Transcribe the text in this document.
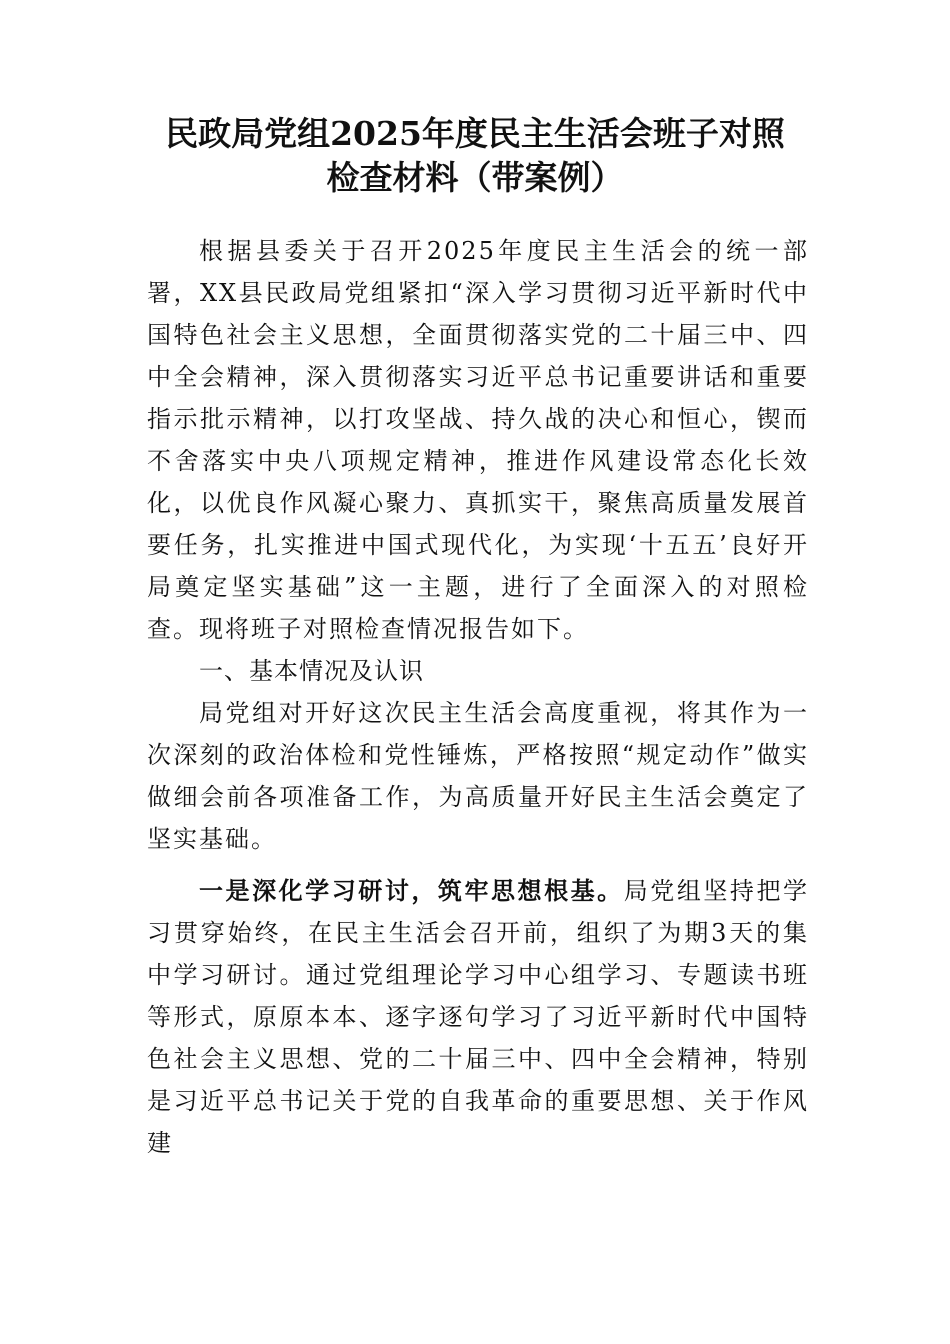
民政局党组2025年度民主生活会班子对照
检查材料（带案例）

根据县委关于召开2025年度民主生活会的统一部署，XX县民政局党组紧扣“深入学习贯彻习近平新时代中国特色社会主义思想，全面贯彻落实党的二十届三中、四中全会精神，深入贯彻落实习近平总书记重要讲话和重要指示批示精神，以打攻坚战、持久战的决心和恒心，锲而不舍落实中央八项规定精神，推进作风建设常态化长效化，以优良作风凝心聚力、真抓实干，聚焦高质量发展首要任务，扎实推进中国式现代化，为实现‘十五五’良好开局奠定坚实基础”这一主题，进行了全面深入的对照检查。现将班子对照检查情况报告如下。

一、基本情况及认识

局党组对开好这次民主生活会高度重视，将其作为一次深刻的政治体检和党性锤炼，严格按照“规定动作”做实做细会前各项准备工作，为高质量开好民主生活会奠定了坚实基础。

一是深化学习研讨，筑牢思想根基。局党组坚持把学习贯穿始终，在民主生活会召开前，组织了为期3天的集中学习研讨。通过党组理论学习中心组学习、专题读书班等形式，原原本本、逐字逐句学习了习近平新时代中国特色社会主义思想、党的二十届三中、四中全会精神，特别是习近平总书记关于党的自我革命的重要思想、关于作风建
